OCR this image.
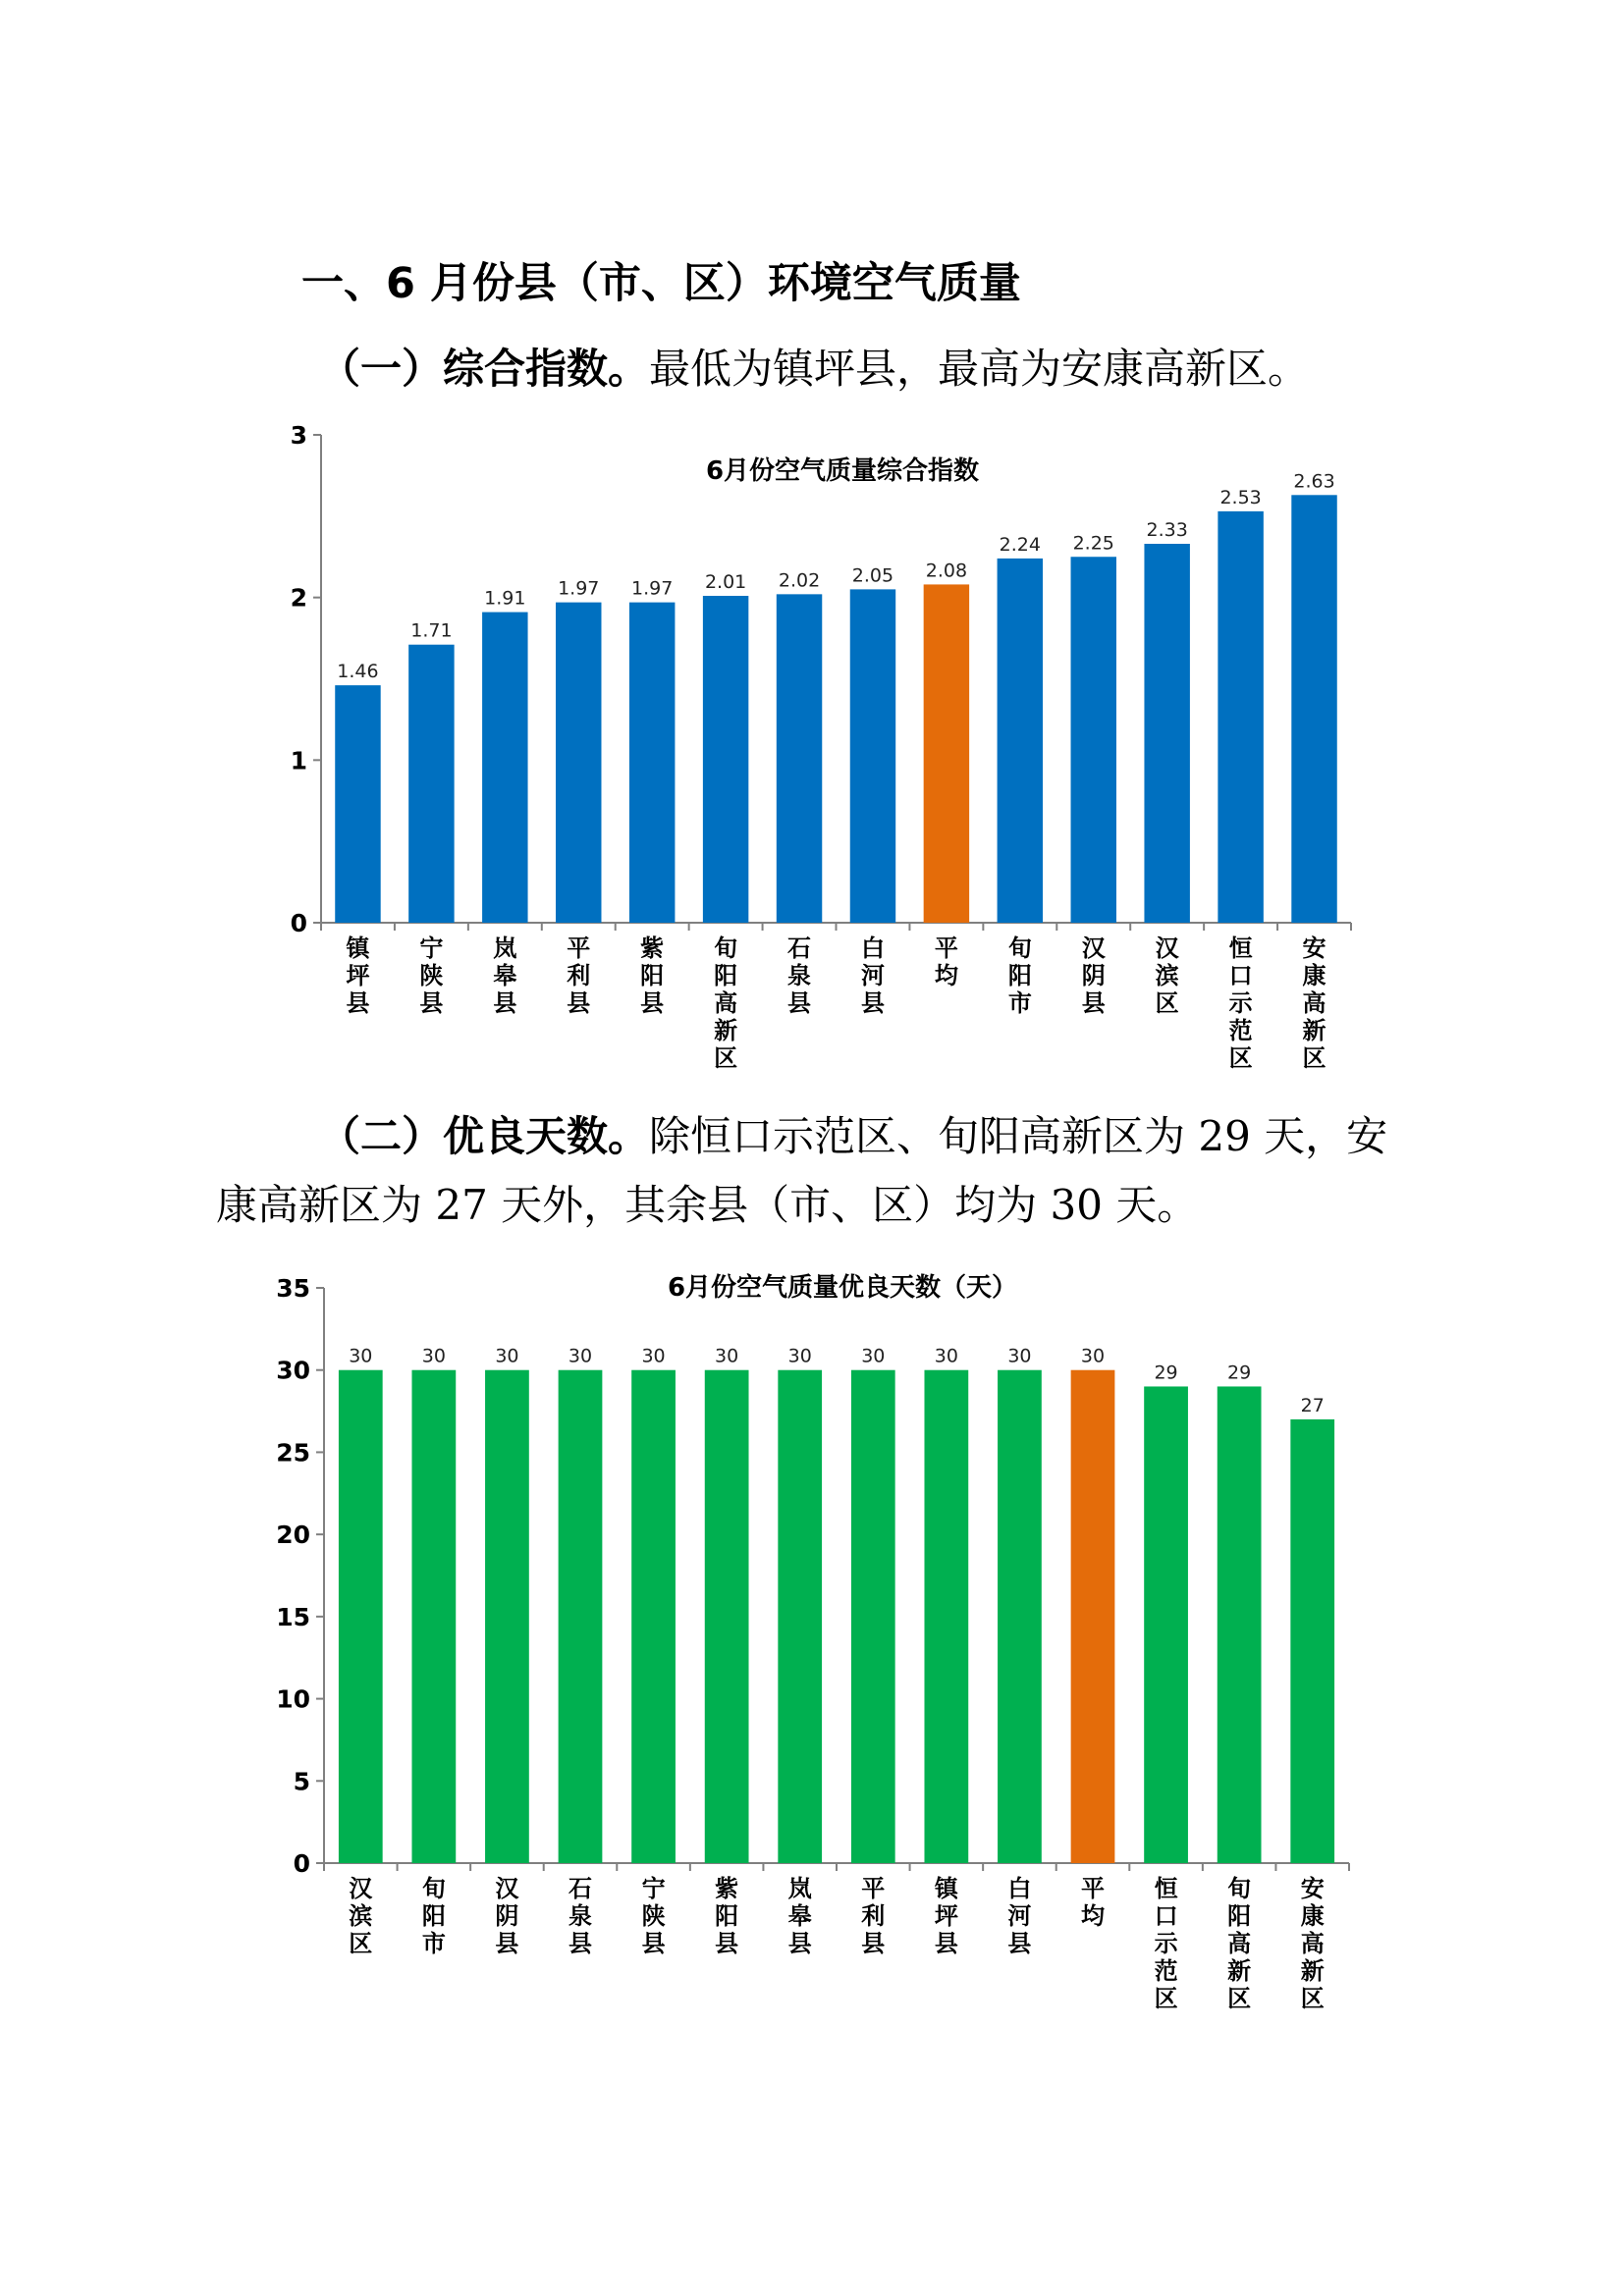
一、6 月份县（市、区）环境空气质量
（一）综合指数。最低为镇坪县，最高为安康高新区。
6月份空气质量综合指数
0
1
2
3
1.46
镇坪县
1.71
宁陕县
1.91
岚皋县
1.97
平利县
1.97
紫阳县
2.01
旬阳高新区
2.02
石泉县
2.05
白河县
2.08
平均
2.24
旬阳市
2.25
汉阴县
2.33
汉滨区
2.53
恒口示范区
2.63
安康高新区
（二）优良天数。除恒口示范区、旬阳高新区为 29 天，安
康高新区为 27 天外，其余县（市、区）均为 30 天。
6月份空气质量优良天数（天）
0
5
10
15
20
25
30
35
30
汉滨区
30
旬阳市
30
汉阴县
30
石泉县
30
宁陕县
30
紫阳县
30
岚皋县
30
平利县
30
镇坪县
30
白河县
30
平均
29
恒口示范区
29
旬阳高新区
27
安康高新区
